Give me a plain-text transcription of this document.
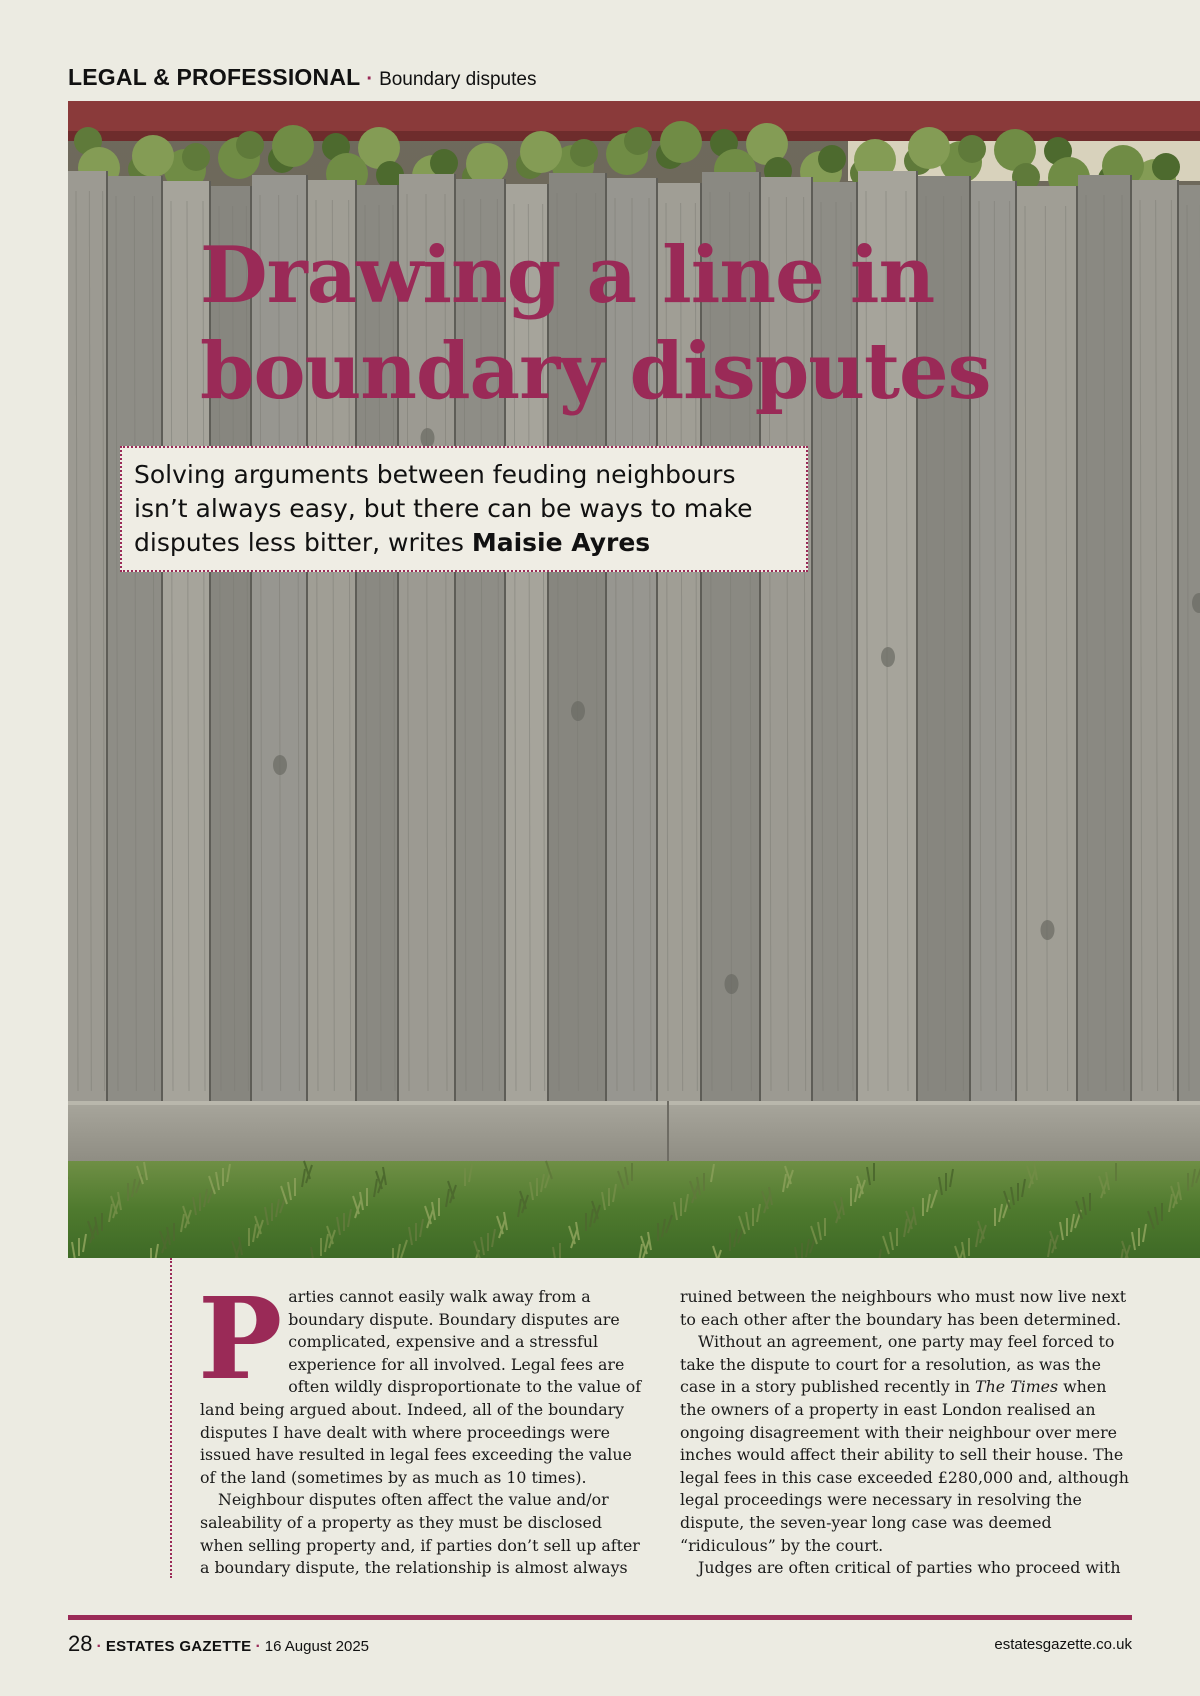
LEGAL & PROFESSIONAL · Boundary disputes
Drawing a line in boundary disputes
Solving arguments between feuding neighbours isn’t always easy, but there can be ways to make disputes less bitter, writes Maisie Ayres

Parties cannot easily walk away from a boundary dispute. Boundary disputes are complicated, expensive and a stressful experience for all involved. Legal fees are often wildly disproportionate to the value of land being argued about. Indeed, all of the boundary disputes I have dealt with where proceedings were issued have resulted in legal fees exceeding the value of the land (sometimes by as much as 10 times).

Neighbour disputes often affect the value and/or saleability of a property as they must be disclosed when selling property and, if parties don’t sell up after a boundary dispute, the relationship is almost always

ruined between the neighbours who must now live next to each other after the boundary has been determined.

Without an agreement, one party may feel forced to take the dispute to court for a resolution, as was the case in a story published recently in The Times when the owners of a property in east London realised an ongoing disagreement with their neighbour over mere inches would affect their ability to sell their house. The legal fees in this case exceeded £280,000 and, although legal proceedings were necessary in resolving the dispute, the seven-year long case was deemed “ridiculous” by the court.

Judges are often critical of parties who proceed with

28 · ESTATES GAZETTE · 16 August 2025	estatesgazette.co.uk
